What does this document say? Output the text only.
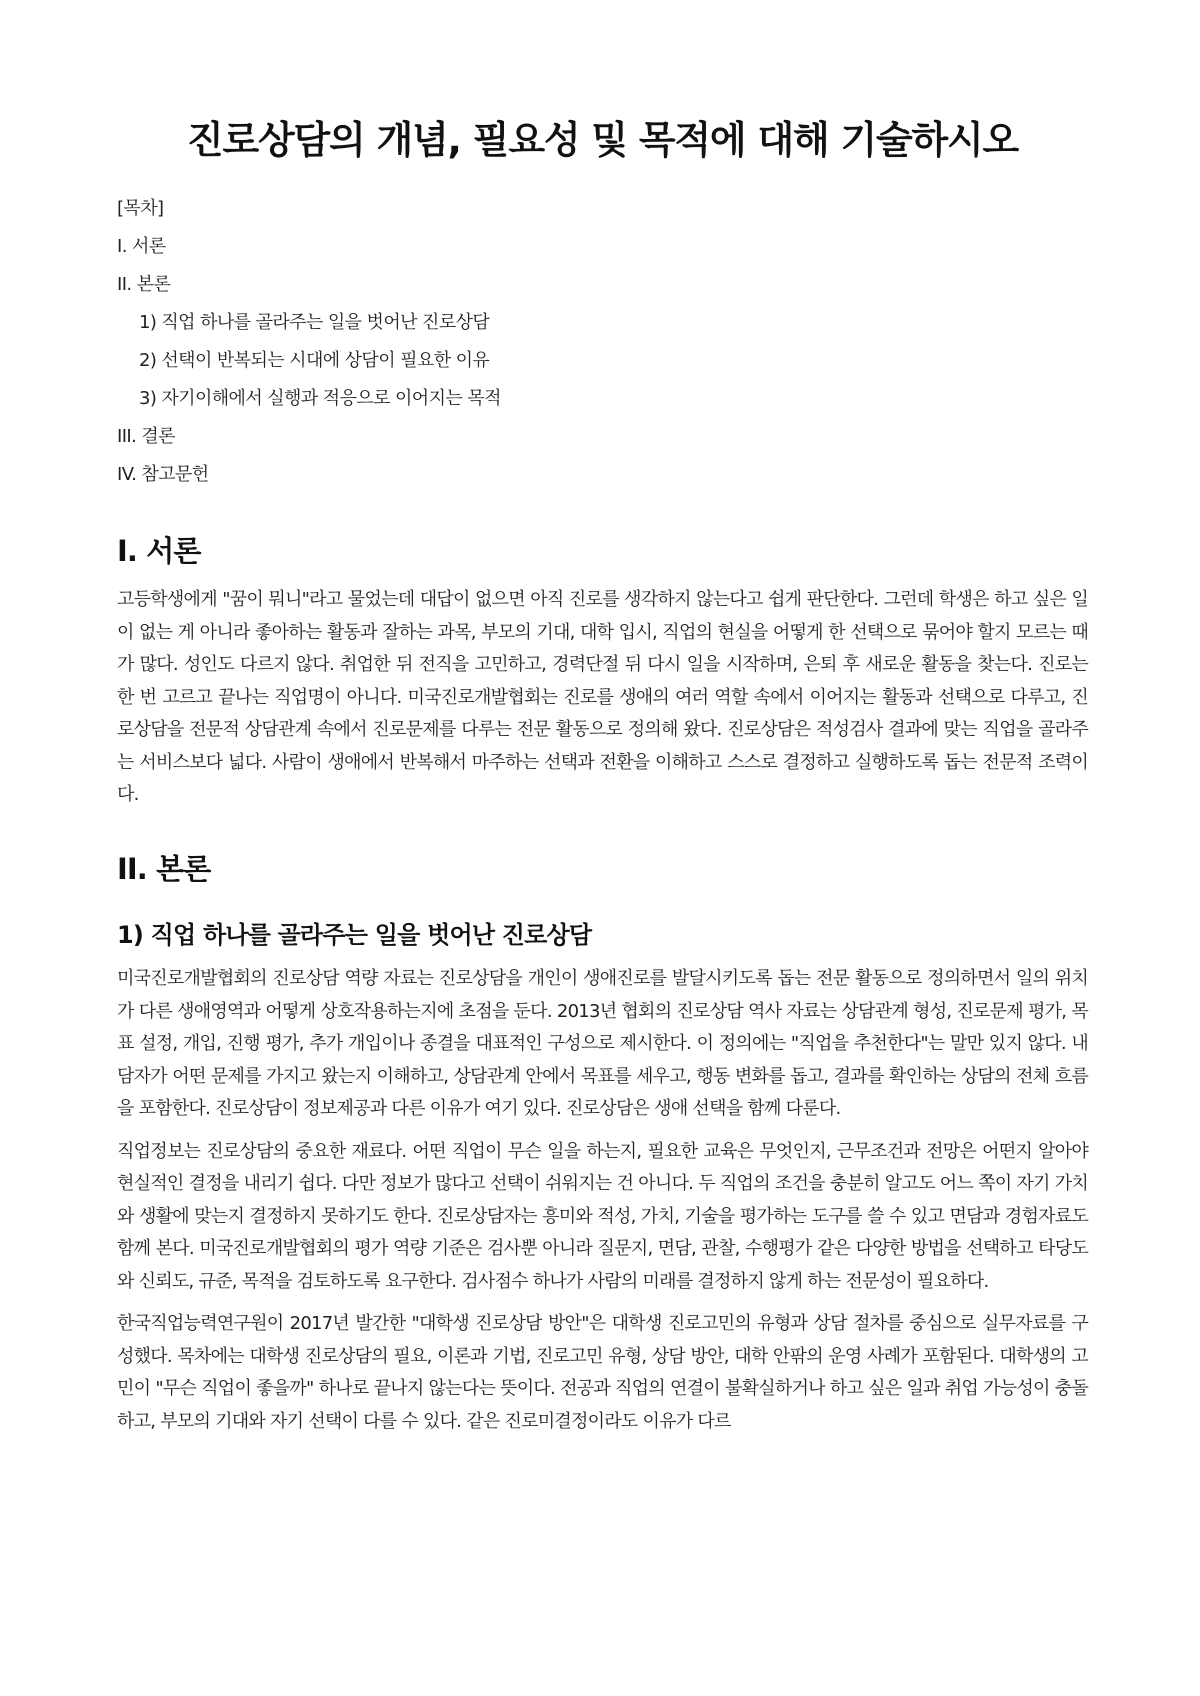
진로상담의 개념, 필요성 및 목적에 대해 기술하시오
[목차]
I. 서론
II. 본론
1) 직업 하나를 골라주는 일을 벗어난 진로상담
2) 선택이 반복되는 시대에 상담이 필요한 이유
3) 자기이해에서 실행과 적응으로 이어지는 목적
III. 결론
IV. 참고문헌
I. 서론

고등학생에게 "꿈이 뭐니"라고 물었는데 대답이 없으면 아직 진로를 생각하지 않는다고 쉽게 판단한다. 그런데 학생은 하고 싶은 일이 없는 게 아니라 좋아하는 활동과 잘하는 과목, 부모의 기대, 대학 입시, 직업의 현실을 어떻게 한 선택으로 묶어야 할지 모르는 때가 많다. 성인도 다르지 않다. 취업한 뒤 전직을 고민하고, 경력단절 뒤 다시 일을 시작하며, 은퇴 후 새로운 활동을 찾는다. 진로는 한 번 고르고 끝나는 직업명이 아니다. 미국진로개발협회는 진로를 생애의 여러 역할 속에서 이어지는 활동과 선택으로 다루고, 진로상담을 전문적 상담관계 속에서 진로문제를 다루는 전문 활동으로 정의해 왔다. 진로상담은 적성검사 결과에 맞는 직업을 골라주는 서비스보다 넓다. 사람이 생애에서 반복해서 마주하는 선택과 전환을 이해하고 스스로 결정하고 실행하도록 돕는 전문적 조력이다.

II. 본론
1) 직업 하나를 골라주는 일을 벗어난 진로상담

미국진로개발협회의 진로상담 역량 자료는 진로상담을 개인이 생애진로를 발달시키도록 돕는 전문 활동으로 정의하면서 일의 위치가 다른 생애영역과 어떻게 상호작용하는지에 초점을 둔다. 2013년 협회의 진로상담 역사 자료는 상담관계 형성, 진로문제 평가, 목표 설정, 개입, 진행 평가, 추가 개입이나 종결을 대표적인 구성으로 제시한다. 이 정의에는 "직업을 추천한다"는 말만 있지 않다. 내담자가 어떤 문제를 가지고 왔는지 이해하고, 상담관계 안에서 목표를 세우고, 행동 변화를 돕고, 결과를 확인하는 상담의 전체 흐름을 포함한다. 진로상담이 정보제공과 다른 이유가 여기 있다. 진로상담은 생애 선택을 함께 다룬다.

직업정보는 진로상담의 중요한 재료다. 어떤 직업이 무슨 일을 하는지, 필요한 교육은 무엇인지, 근무조건과 전망은 어떤지 알아야 현실적인 결정을 내리기 쉽다. 다만 정보가 많다고 선택이 쉬워지는 건 아니다. 두 직업의 조건을 충분히 알고도 어느 쪽이 자기 가치와 생활에 맞는지 결정하지 못하기도 한다. 진로상담자는 흥미와 적성, 가치, 기술을 평가하는 도구를 쓸 수 있고 면담과 경험자료도 함께 본다. 미국진로개발협회의 평가 역량 기준은 검사뿐 아니라 질문지, 면담, 관찰, 수행평가 같은 다양한 방법을 선택하고 타당도와 신뢰도, 규준, 목적을 검토하도록 요구한다. 검사점수 하나가 사람의 미래를 결정하지 않게 하는 전문성이 필요하다.

한국직업능력연구원이 2017년 발간한 "대학생 진로상담 방안"은 대학생 진로고민의 유형과 상담 절차를 중심으로 실무자료를 구성했다. 목차에는 대학생 진로상담의 필요, 이론과 기법, 진로고민 유형, 상담 방안, 대학 안팎의 운영 사례가 포함된다. 대학생의 고민이 "무슨 직업이 좋을까" 하나로 끝나지 않는다는 뜻이다. 전공과 직업의 연결이 불확실하거나 하고 싶은 일과 취업 가능성이 충돌하고, 부모의 기대와 자기 선택이 다를 수 있다. 같은 진로미결정이라도 이유가 다르
